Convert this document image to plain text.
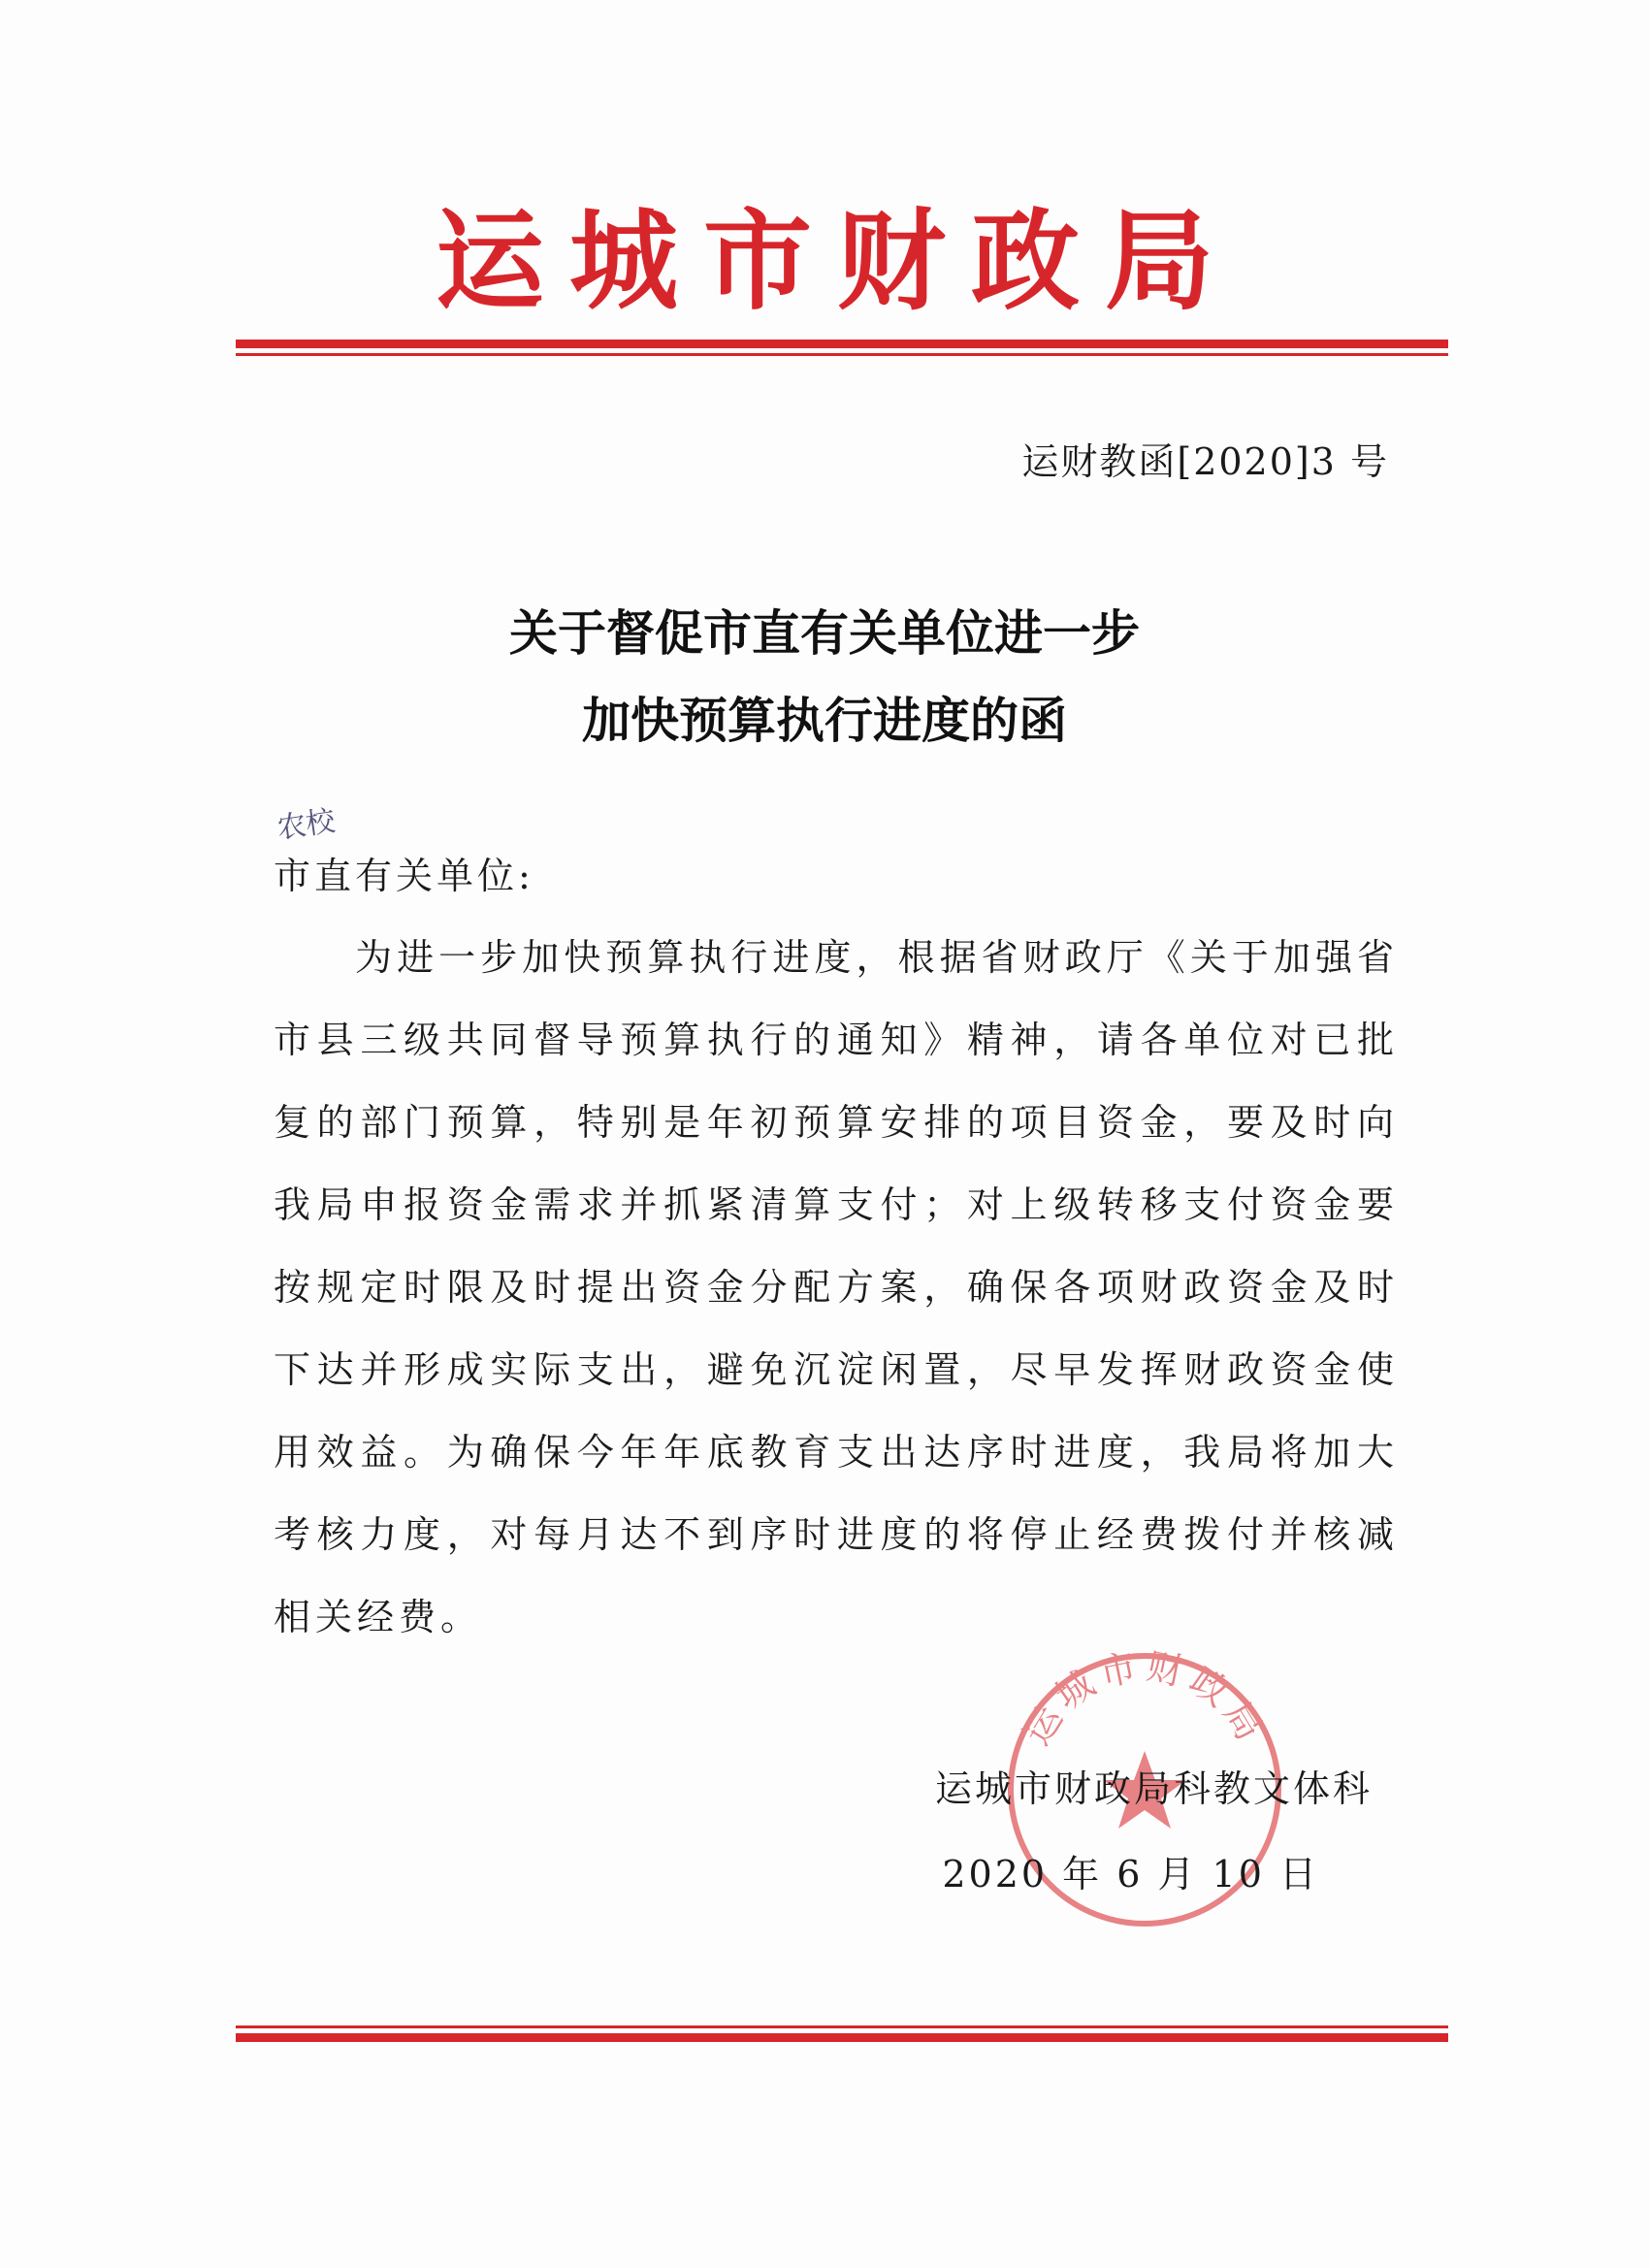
运城市财政局
运财教函[2020]3 号
关于督促市直有关单位进一步
加快预算执行进度的函
农校
市直有关单位:
为进一步加快预算执行进度，根据省财政厅《关于加强省市县三级共同督导预算执行的通知》精神，请各单位对已批复的部门预算，特别是年初预算安排的项目资金，要及时向我局申报资金需求并抓紧清算支付；对上级转移支付资金要按规定时限及时提出资金分配方案，确保各项财政资金及时下达并形成实际支出，避免沉淀闲置，尽早发挥财政资金使用效益。为确保今年年底教育支出达序时进度，我局将加大考核力度，对每月达不到序时进度的将停止经费拨付并核减相关经费。
运城市财政局
运城市财政局科教文体科
2020 年 6 月 10 日
